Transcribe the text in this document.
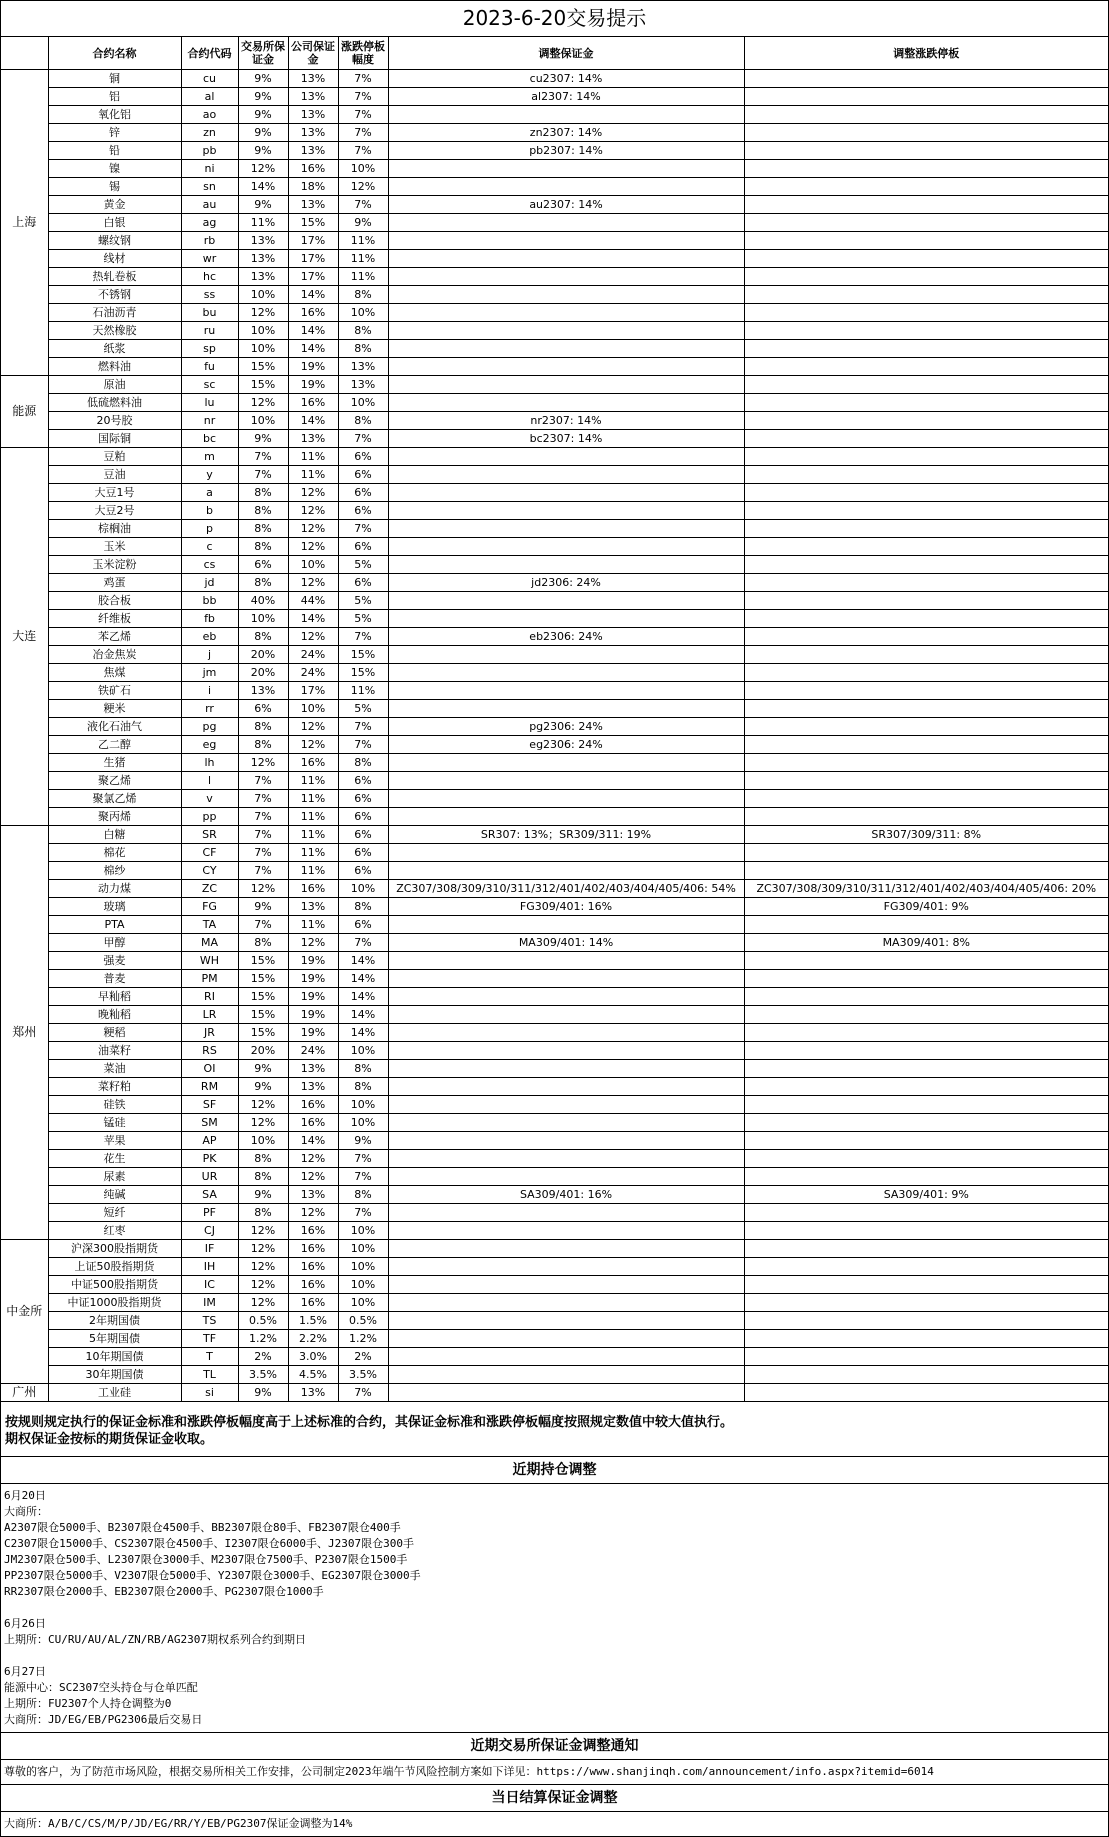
2023-6-20交易提示
	合约名称	合约代码	交易所保证金	公司保证金	涨跌停板幅度	调整保证金	调整涨跌停板
上海	铜	cu	9%	13%	7%	cu2307: 14%	
	铝	al	9%	13%	7%	al2307: 14%	
	氧化铝	ao	9%	13%	7%		
	锌	zn	9%	13%	7%	zn2307: 14%	
	铅	pb	9%	13%	7%	pb2307: 14%	
	镍	ni	12%	16%	10%		
	锡	sn	14%	18%	12%		
	黄金	au	9%	13%	7%	au2307: 14%	
	白银	ag	11%	15%	9%		
	螺纹钢	rb	13%	17%	11%		
	线材	wr	13%	17%	11%		
	热轧卷板	hc	13%	17%	11%		
	不锈钢	ss	10%	14%	8%		
	石油沥青	bu	12%	16%	10%		
	天然橡胶	ru	10%	14%	8%		
	纸浆	sp	10%	14%	8%		
	燃料油	fu	15%	19%	13%		
能源	原油	sc	15%	19%	13%		
	低硫燃料油	lu	12%	16%	10%		
	20号胶	nr	10%	14%	8%	nr2307: 14%	
	国际铜	bc	9%	13%	7%	bc2307: 14%	
大连	豆粕	m	7%	11%	6%		
	豆油	y	7%	11%	6%		
	大豆1号	a	8%	12%	6%		
	大豆2号	b	8%	12%	6%		
	棕榈油	p	8%	12%	7%		
	玉米	c	8%	12%	6%		
	玉米淀粉	cs	6%	10%	5%		
	鸡蛋	jd	8%	12%	6%	jd2306: 24%	
	胶合板	bb	40%	44%	5%		
	纤维板	fb	10%	14%	5%		
	苯乙烯	eb	8%	12%	7%	eb2306: 24%	
	冶金焦炭	j	20%	24%	15%		
	焦煤	jm	20%	24%	15%		
	铁矿石	i	13%	17%	11%		
	粳米	rr	6%	10%	5%		
	液化石油气	pg	8%	12%	7%	pg2306: 24%	
	乙二醇	eg	8%	12%	7%	eg2306: 24%	
	生猪	lh	12%	16%	8%		
	聚乙烯	l	7%	11%	6%		
	聚氯乙烯	v	7%	11%	6%		
	聚丙烯	pp	7%	11%	6%		
郑州	白糖	SR	7%	11%	6%	SR307: 13%；SR309/311: 19%	SR307/309/311: 8%
	棉花	CF	7%	11%	6%		
	棉纱	CY	7%	11%	6%		
	动力煤	ZC	12%	16%	10%	ZC307/308/309/310/311/312/401/402/403/404/405/406: 54%	ZC307/308/309/310/311/312/401/402/403/404/405/406: 20%
	玻璃	FG	9%	13%	8%	FG309/401: 16%	FG309/401: 9%
	PTA	TA	7%	11%	6%		
	甲醇	MA	8%	12%	7%	MA309/401: 14%	MA309/401: 8%
	强麦	WH	15%	19%	14%		
	普麦	PM	15%	19%	14%		
	早籼稻	RI	15%	19%	14%		
	晚籼稻	LR	15%	19%	14%		
	粳稻	JR	15%	19%	14%		
	油菜籽	RS	20%	24%	10%		
	菜油	OI	9%	13%	8%		
	菜籽粕	RM	9%	13%	8%		
	硅铁	SF	12%	16%	10%		
	锰硅	SM	12%	16%	10%		
	苹果	AP	10%	14%	9%		
	花生	PK	8%	12%	7%		
	尿素	UR	8%	12%	7%		
	纯碱	SA	9%	13%	8%	SA309/401: 16%	SA309/401: 9%
	短纤	PF	8%	12%	7%		
	红枣	CJ	12%	16%	10%		
中金所	沪深300股指期货	IF	12%	16%	10%		
	上证50股指期货	IH	12%	16%	10%		
	中证500股指期货	IC	12%	16%	10%		
	中证1000股指期货	IM	12%	16%	10%		
	2年期国债	TS	0.5%	1.5%	0.5%		
	5年期国债	TF	1.2%	2.2%	1.2%		
	10年期国债	T	2%	3.0%	2%		
	30年期国债	TL	3.5%	4.5%	3.5%		
广州	工业硅	si	9%	13%	7%		
按规则规定执行的保证金标准和涨跌停板幅度高于上述标准的合约，其保证金标准和涨跌停板幅度按照规定数值中较大值执行。
期权保证金按标的期货保证金收取。
近期持仓调整
6月20日
大商所：
A2307限仓5000手、B2307限仓4500手、BB2307限仓80手、FB2307限仓400手
C2307限仓15000手、CS2307限仓4500手、I2307限仓6000手、J2307限仓300手
JM2307限仓500手、L2307限仓3000手、M2307限仓7500手、P2307限仓1500手
PP2307限仓5000手、V2307限仓5000手、Y2307限仓3000手、EG2307限仓3000手
RR2307限仓2000手、EB2307限仓2000手、PG2307限仓1000手
6月26日
上期所：CU/RU/AU/AL/ZN/RB/AG2307期权系列合约到期日
6月27日
能源中心：SC2307空头持仓与仓单匹配
上期所：FU2307个人持仓调整为0
大商所：JD/EG/EB/PG2306最后交易日
近期交易所保证金调整通知
尊敬的客户，为了防范市场风险，根据交易所相关工作安排，公司制定2023年端午节风险控制方案如下详见：https://www.shanjinqh.com/announcement/info.aspx?itemid=6014
当日结算保证金调整
大商所：A/B/C/CS/M/P/JD/EG/RR/Y/EB/PG2307保证金调整为14%
